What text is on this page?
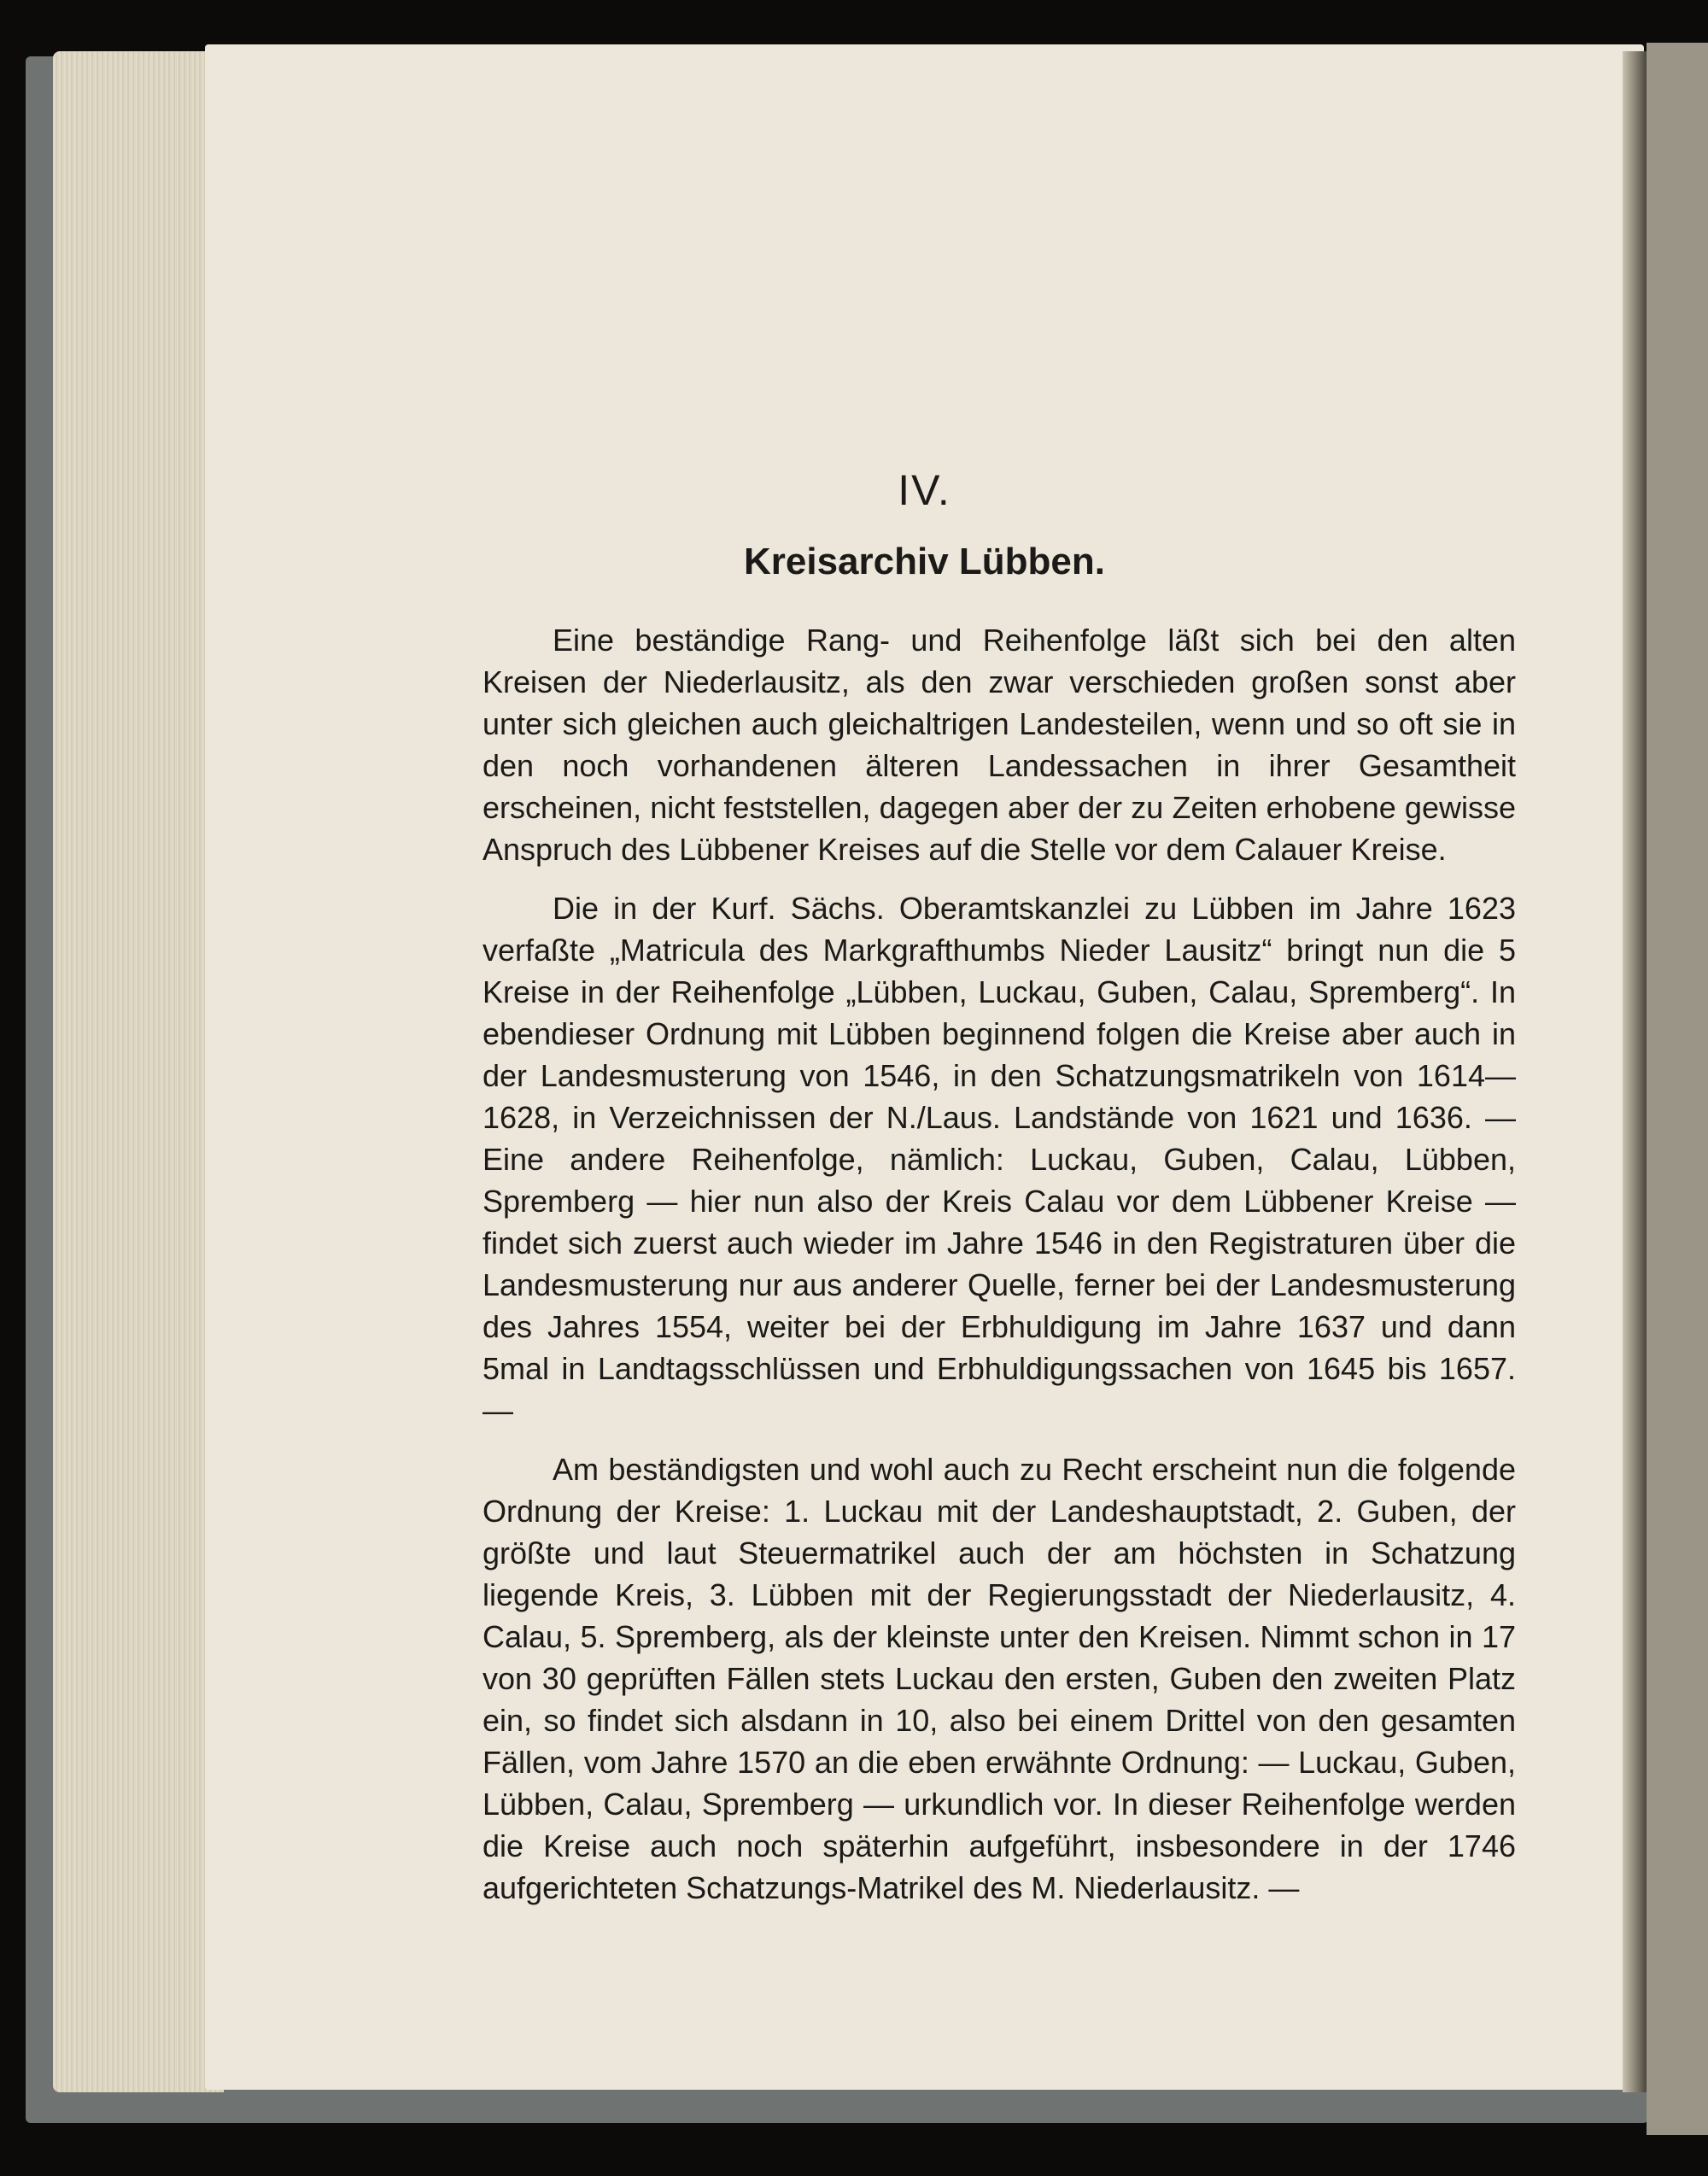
IV.
Kreisarchiv Lübben.

Eine beständige Rang- und Reihenfolge läßt sich bei den alten Kreisen der Niederlausitz, als den zwar verschieden großen sonst aber unter sich gleichen auch gleichaltrigen Landesteilen, wenn und so oft sie in den noch vorhandenen älteren Landessachen in ihrer Gesamtheit erscheinen, nicht feststellen, dagegen aber der zu Zeiten erhobene gewisse Anspruch des Lübbener Kreises auf die Stelle vor dem Calauer Kreise.

Die in der Kurf. Sächs. Oberamtskanzlei zu Lübben im Jahre 1623 verfaßte „Matricula des Markgrafthumbs Nieder Lausitz“ bringt nun die 5 Kreise in der Reihenfolge „Lübben, Luckau, Guben, Calau, Spremberg“. In ebendieser Ordnung mit Lübben beginnend folgen die Kreise aber auch in der Landesmusterung von 1546, in den Schatzungsmatrikeln von 1614—1628, in Verzeichnissen der N./Laus. Landstände von 1621 und 1636. — Eine andere Reihenfolge, nämlich: Luckau, Guben, Calau, Lübben, Spremberg — hier nun also der Kreis Calau vor dem Lübbener Kreise — findet sich zuerst auch wieder im Jahre 1546 in den Registraturen über die Landesmusterung nur aus anderer Quelle, ferner bei der Landesmusterung des Jahres 1554, weiter bei der Erbhuldigung im Jahre 1637 und dann 5mal in Landtagsschlüssen und Erbhuldigungssachen von 1645 bis 1657. —

Am beständigsten und wohl auch zu Recht erscheint nun die folgende Ordnung der Kreise: 1. Luckau mit der Landeshauptstadt, 2. Guben, der größte und laut Steuermatrikel auch der am höchsten in Schatzung liegende Kreis, 3. Lübben mit der Regierungsstadt der Niederlausitz, 4. Calau, 5. Spremberg, als der kleinste unter den Kreisen. Nimmt schon in 17 von 30 geprüften Fällen stets Luckau den ersten, Guben den zweiten Platz ein, so findet sich alsdann in 10, also bei einem Drittel von den gesamten Fällen, vom Jahre 1570 an die eben erwähnte Ordnung: — Luckau, Guben, Lübben, Calau, Spremberg — urkundlich vor. In dieser Reihenfolge werden die Kreise auch noch späterhin aufgeführt, insbesondere in der 1746 aufgerichteten Schatzungs-Matrikel des M. Niederlausitz. —
